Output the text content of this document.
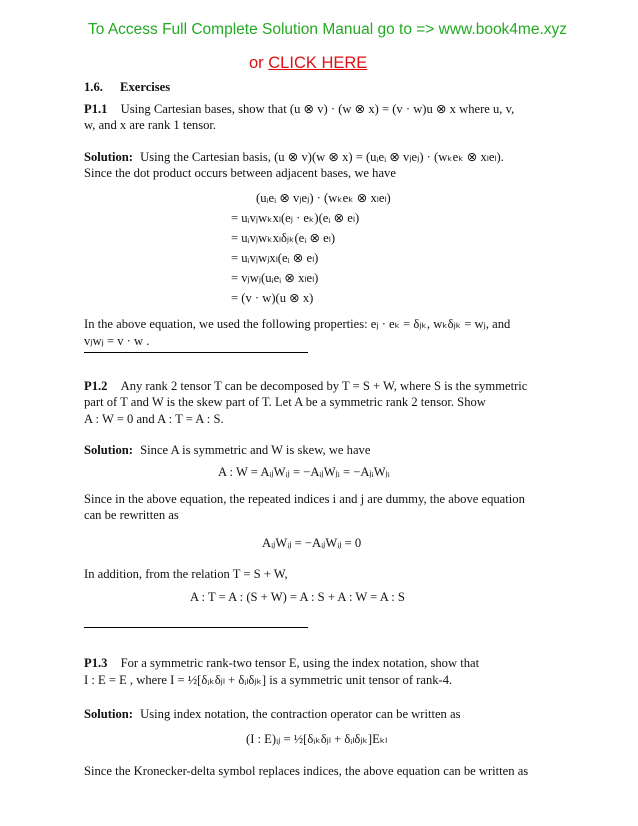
To Access Full Complete Solution Manual go to => www.book4me.xyz
or CLICK HERE
1.6. Exercises
P1.1 Using Cartesian bases, show that (u ⊗ v) · (w ⊗ x) = (v · w)u ⊗ x where u, v,
w, and x are rank 1 tensor.
Solution: Using the Cartesian basis, (u ⊗ v)(w ⊗ x) = (uᵢeᵢ ⊗ vⱼeⱼ) · (wₖeₖ ⊗ xₗeₗ).
Since the dot product occurs between adjacent bases, we have
(uᵢeᵢ ⊗ vⱼeⱼ) · (wₖeₖ ⊗ xₗeₗ)
= uᵢvⱼwₖxₗ(eⱼ · eₖ)(eᵢ ⊗ eₗ)
= uᵢvⱼwₖxₗδⱼₖ(eᵢ ⊗ eₗ)
= uᵢvⱼwⱼxₗ(eᵢ ⊗ eₗ)
= vⱼwⱼ(uᵢeᵢ ⊗ xₗeₗ)
= (v · w)(u ⊗ x)
In the above equation, we used the following properties: eⱼ · eₖ = δⱼₖ, wₖδⱼₖ = wⱼ, and
vⱼwⱼ = v · w .
P1.2 Any rank 2 tensor T can be decomposed by T = S + W, where S is the symmetric
part of T and W is the skew part of T. Let A be a symmetric rank 2 tensor. Show
A : W = 0 and A : T = A : S.
Solution: Since A is symmetric and W is skew, we have
A : W = AᵢⱼWᵢⱼ = −AᵢⱼWⱼᵢ = −AⱼᵢWⱼᵢ
Since in the above equation, the repeated indices i and j are dummy, the above equation
can be rewritten as
AᵢⱼWᵢⱼ = −AᵢⱼWᵢⱼ = 0
In addition, from the relation T = S + W,
A : T = A : (S + W) = A : S + A : W = A : S
P1.3 For a symmetric rank-two tensor E, using the index notation, show that
I : E = E , where I = ½[δᵢₖδⱼₗ + δᵢₗδⱼₖ] is a symmetric unit tensor of rank-4.
Solution: Using index notation, the contraction operator can be written as
(I : E)ᵢⱼ = ½[δᵢₖδⱼₗ + δᵢₗδⱼₖ]Eₖₗ
Since the Kronecker-delta symbol replaces indices, the above equation can be written as
